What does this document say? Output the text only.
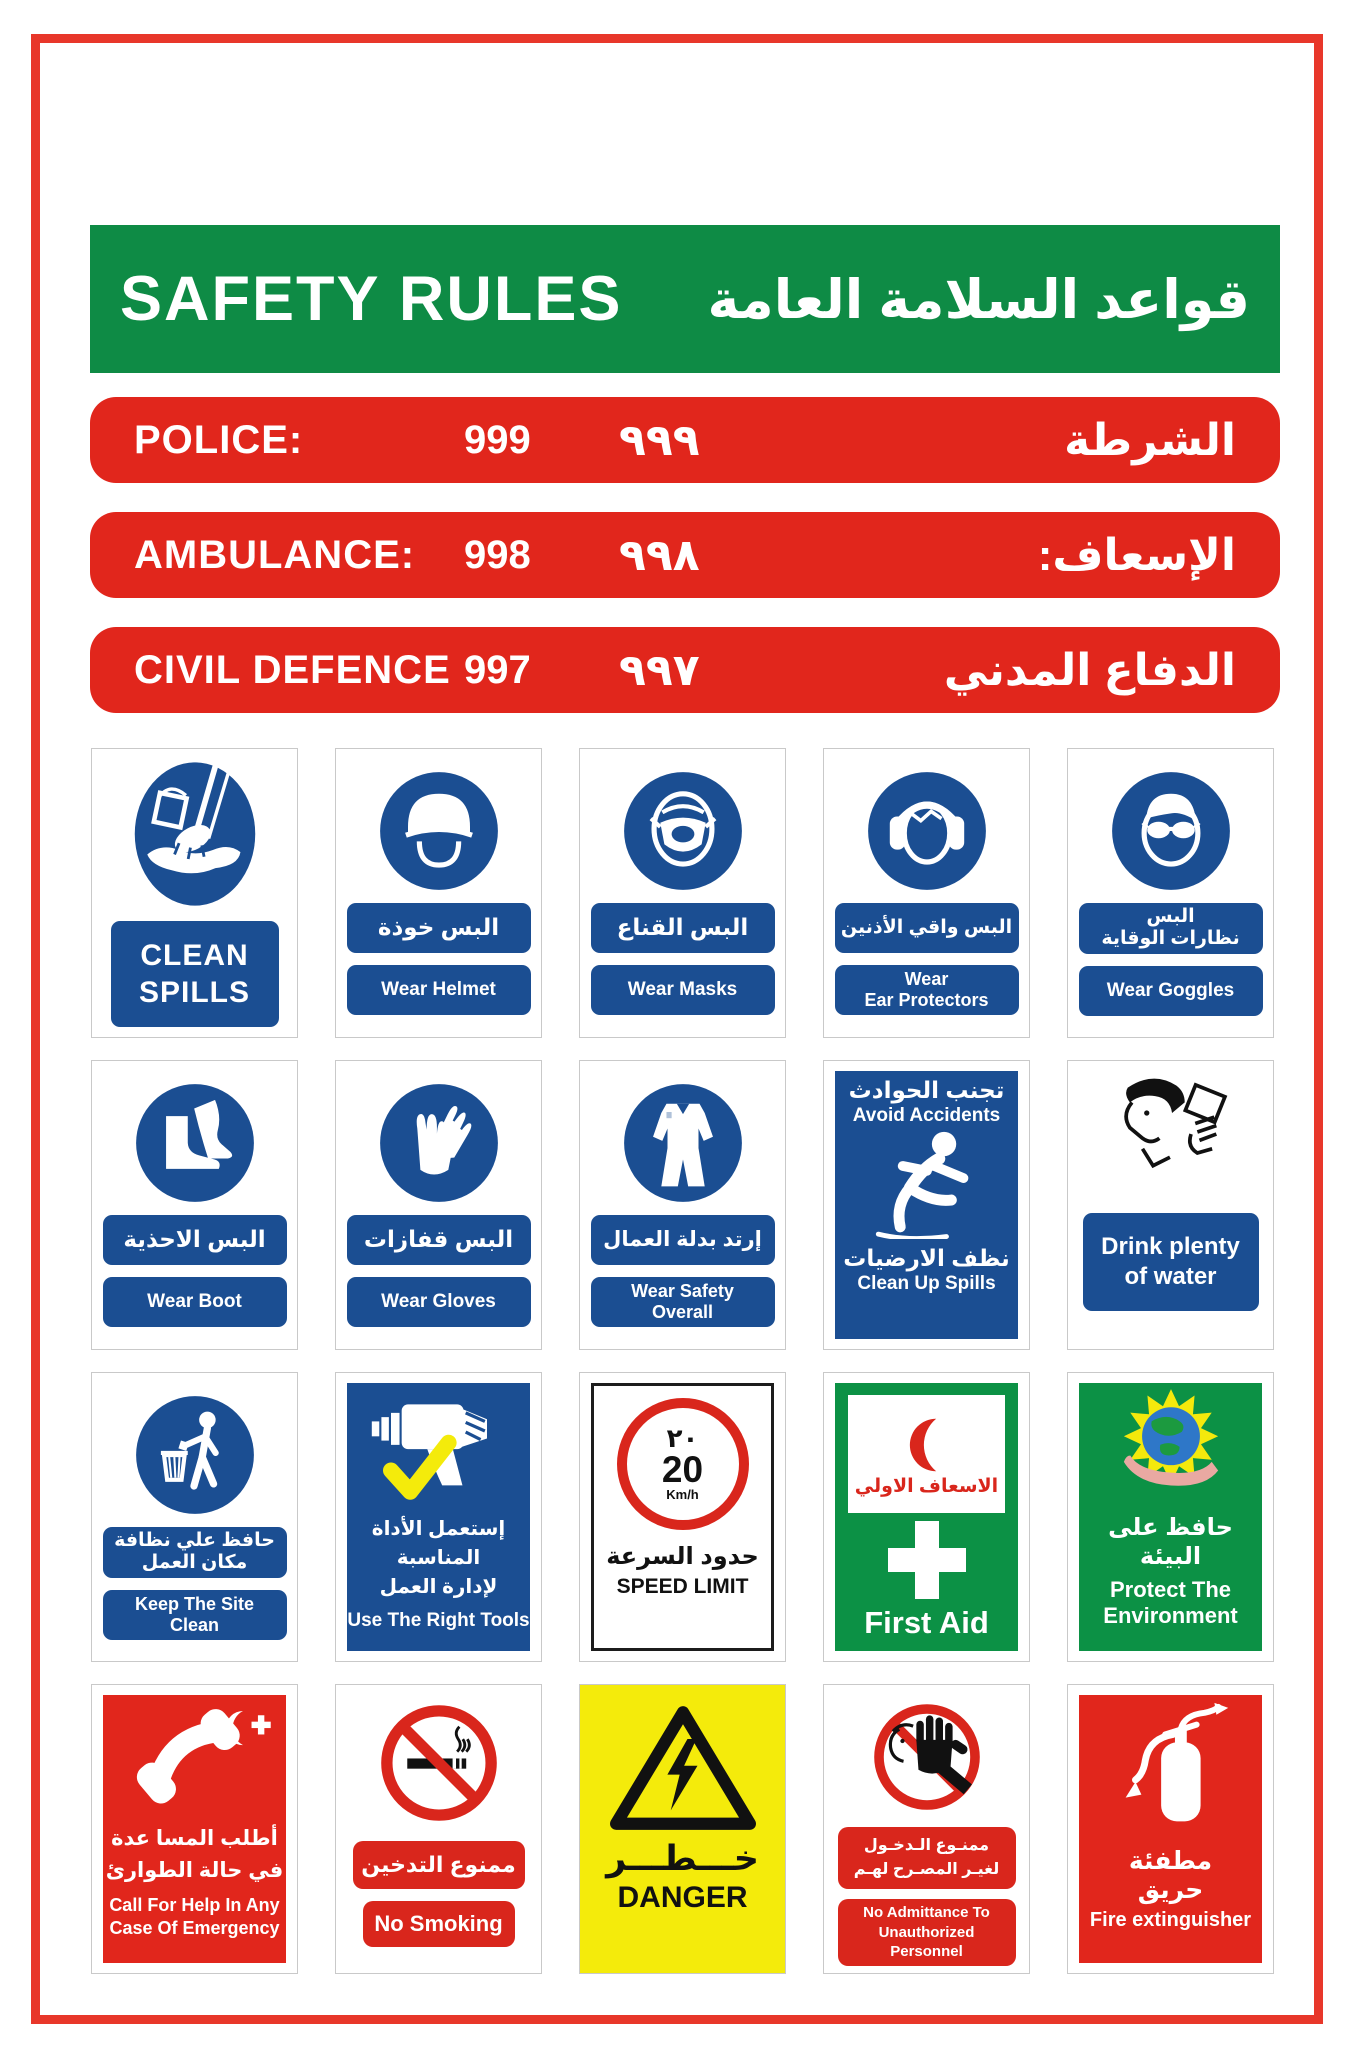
SAFETY RULES قواعد السلامة العامة
POLICE:	999	٩٩٩	الشرطة
AMBULANCE:	998	٩٩٨	الإسعاف:
CIVIL DEFENCE 997	٩٩٧	الدفاع المدني
CLEAN
SPILLS
البس خوذة
Wear Helmet
البس القناع
Wear Masks
البس واقي الأذنين
Wear
Ear Protectors
البس
نظارات الوقاية
Wear Goggles
البس الاحذية
Wear Boot
البس قفازات
Wear Gloves
إرتد بدلة العمال
Wear Safety
Overall
تجنب الحوادث
Avoid Accidents
نظف الارضيات
Clean Up Spills
Drink plenty
of water
حافظ علي نظافة
مكان العمل
Keep The Site
Clean
إستعمل الأداة المناسبة
لإدارة العمل
Use The Right Tools
٢٠
20
Km/h
حدود السرعة
SPEED LIMIT
الاسعاف الاولي
First Aid
حافظ على البيئة
Protect The
Environment
أطلب المسا عدة
في حالة الطوارئ
Call For Help In Any
Case Of Emergency
ممنوع التدخين
No Smoking
خـــطـــر
DANGER
ممنـوع الـدخـول
لغيـر المصـرح لهـم
No Admittance To
Unauthorized
Personnel
مطفئة
حريق
Fire extinguisher
